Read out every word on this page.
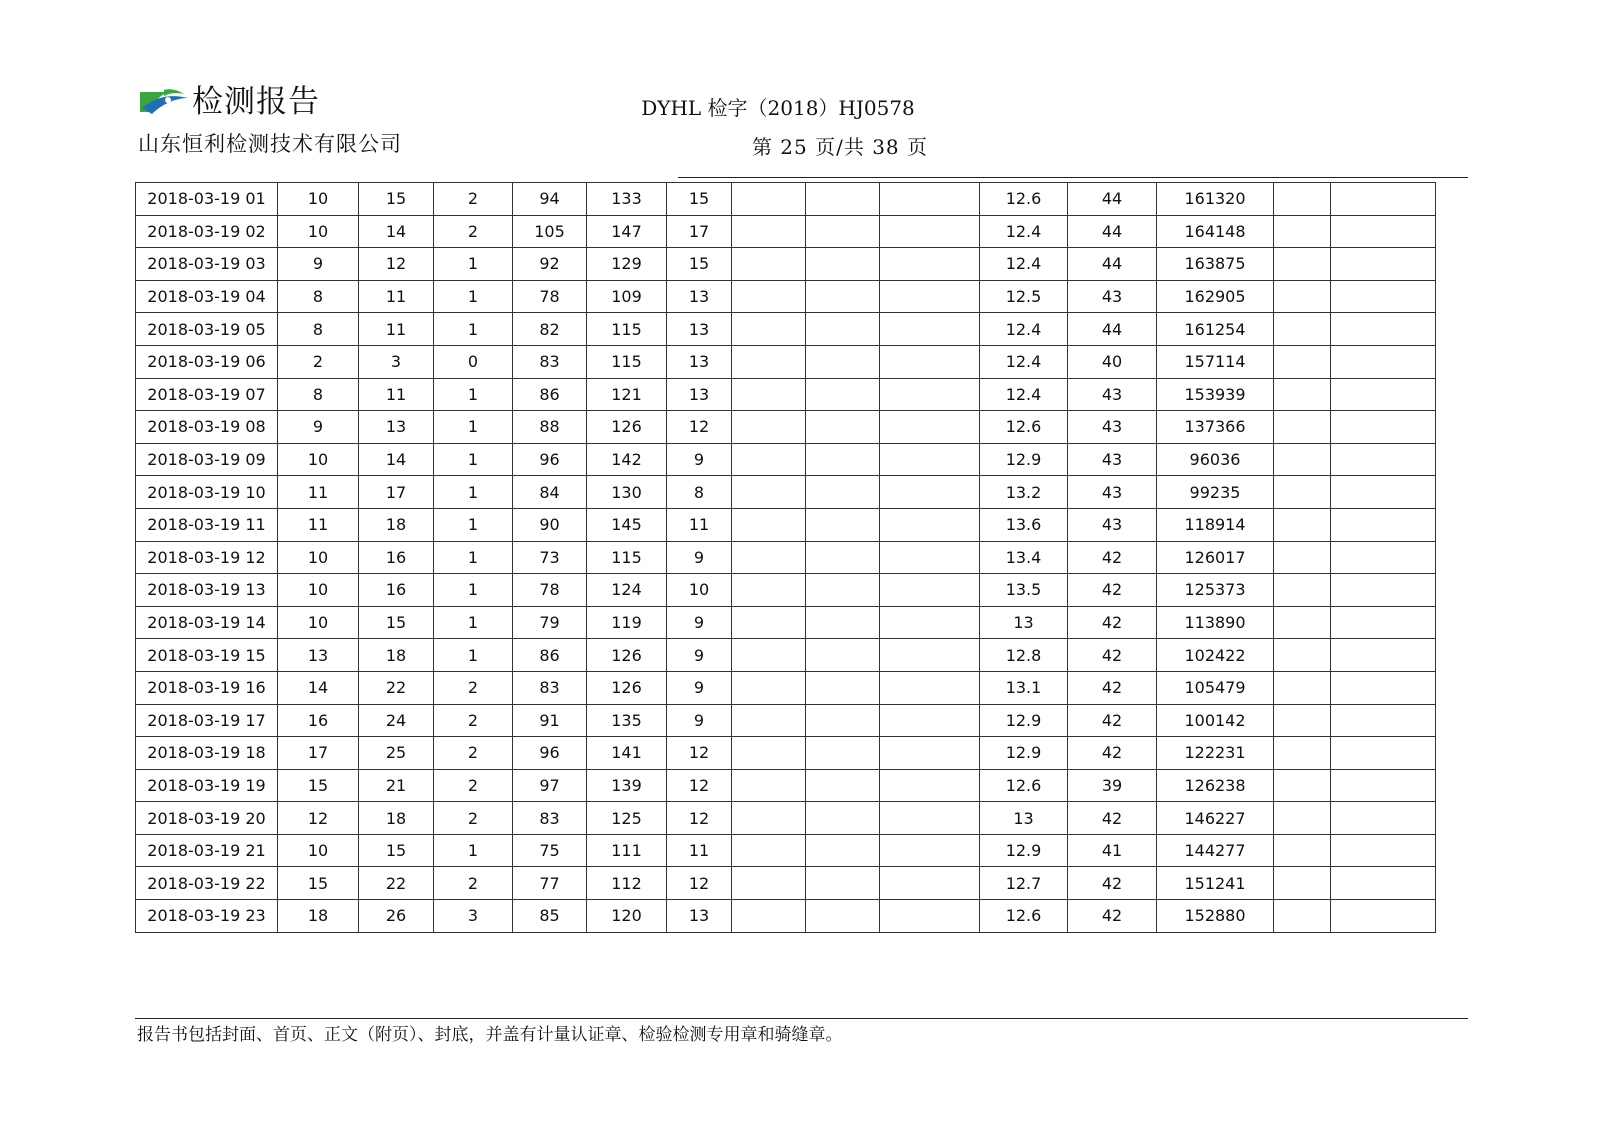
检测报告
山东恒利检测技术有限公司
DYHL 检字（2018）HJ0578
第 25 页/共 38 页
2018-03-19 01	10	15	2	94	133	15				12.6	44	161320		
2018-03-19 02	10	14	2	105	147	17				12.4	44	164148		
2018-03-19 03	9	12	1	92	129	15				12.4	44	163875		
2018-03-19 04	8	11	1	78	109	13				12.5	43	162905		
2018-03-19 05	8	11	1	82	115	13				12.4	44	161254		
2018-03-19 06	2	3	0	83	115	13				12.4	40	157114		
2018-03-19 07	8	11	1	86	121	13				12.4	43	153939		
2018-03-19 08	9	13	1	88	126	12				12.6	43	137366		
2018-03-19 09	10	14	1	96	142	9				12.9	43	96036		
2018-03-19 10	11	17	1	84	130	8				13.2	43	99235		
2018-03-19 11	11	18	1	90	145	11				13.6	43	118914		
2018-03-19 12	10	16	1	73	115	9				13.4	42	126017		
2018-03-19 13	10	16	1	78	124	10				13.5	42	125373		
2018-03-19 14	10	15	1	79	119	9				13	42	113890		
2018-03-19 15	13	18	1	86	126	9				12.8	42	102422		
2018-03-19 16	14	22	2	83	126	9				13.1	42	105479		
2018-03-19 17	16	24	2	91	135	9				12.9	42	100142		
2018-03-19 18	17	25	2	96	141	12				12.9	42	122231		
2018-03-19 19	15	21	2	97	139	12				12.6	39	126238		
2018-03-19 20	12	18	2	83	125	12				13	42	146227		
2018-03-19 21	10	15	1	75	111	11				12.9	41	144277		
2018-03-19 22	15	22	2	77	112	12				12.7	42	151241		
2018-03-19 23	18	26	3	85	120	13				12.6	42	152880		
报告书包括封面、首页、正文（附页）、封底，并盖有计量认证章、检验检测专用章和骑缝章。
